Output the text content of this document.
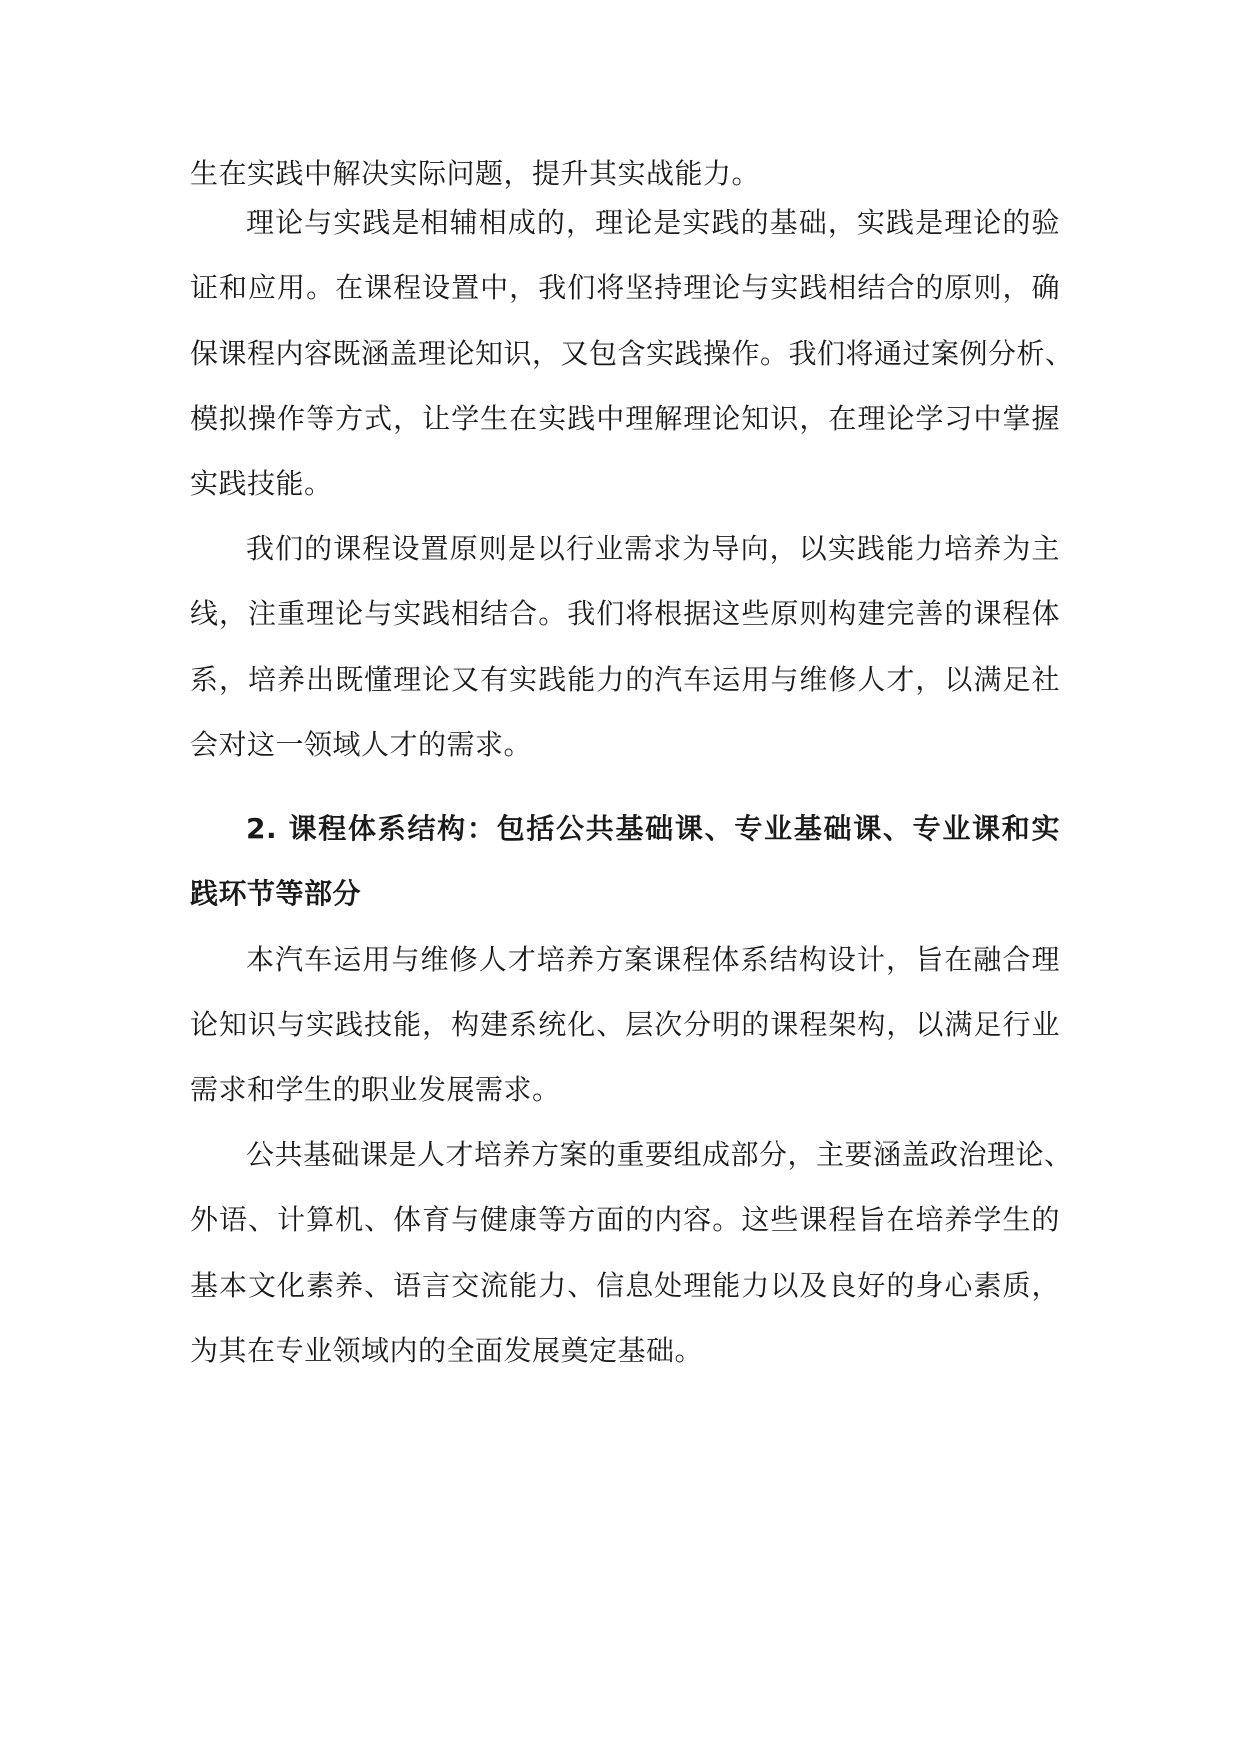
生在实践中解决实际问题，提升其实战能力。
理论与实践是相辅相成的，理论是实践的基础，实践是理论的验
证和应用。在课程设置中，我们将坚持理论与实践相结合的原则，确
保课程内容既涵盖理论知识，又包含实践操作。我们将通过案例分析、
模拟操作等方式，让学生在实践中理解理论知识，在理论学习中掌握
实践技能。
我们的课程设置原则是以行业需求为导向，以实践能力培养为主
线，注重理论与实践相结合。我们将根据这些原则构建完善的课程体
系，培养出既懂理论又有实践能力的汽车运用与维修人才，以满足社
会对这一领域人才的需求。
2. 课程体系结构：包括公共基础课、专业基础课、专业课和实
践环节等部分
本汽车运用与维修人才培养方案课程体系结构设计，旨在融合理
论知识与实践技能，构建系统化、层次分明的课程架构，以满足行业
需求和学生的职业发展需求。
公共基础课是人才培养方案的重要组成部分，主要涵盖政治理论、
外语、计算机、体育与健康等方面的内容。这些课程旨在培养学生的
基本文化素养、语言交流能力、信息处理能力以及良好的身心素质，
为其在专业领域内的全面发展奠定基础。
